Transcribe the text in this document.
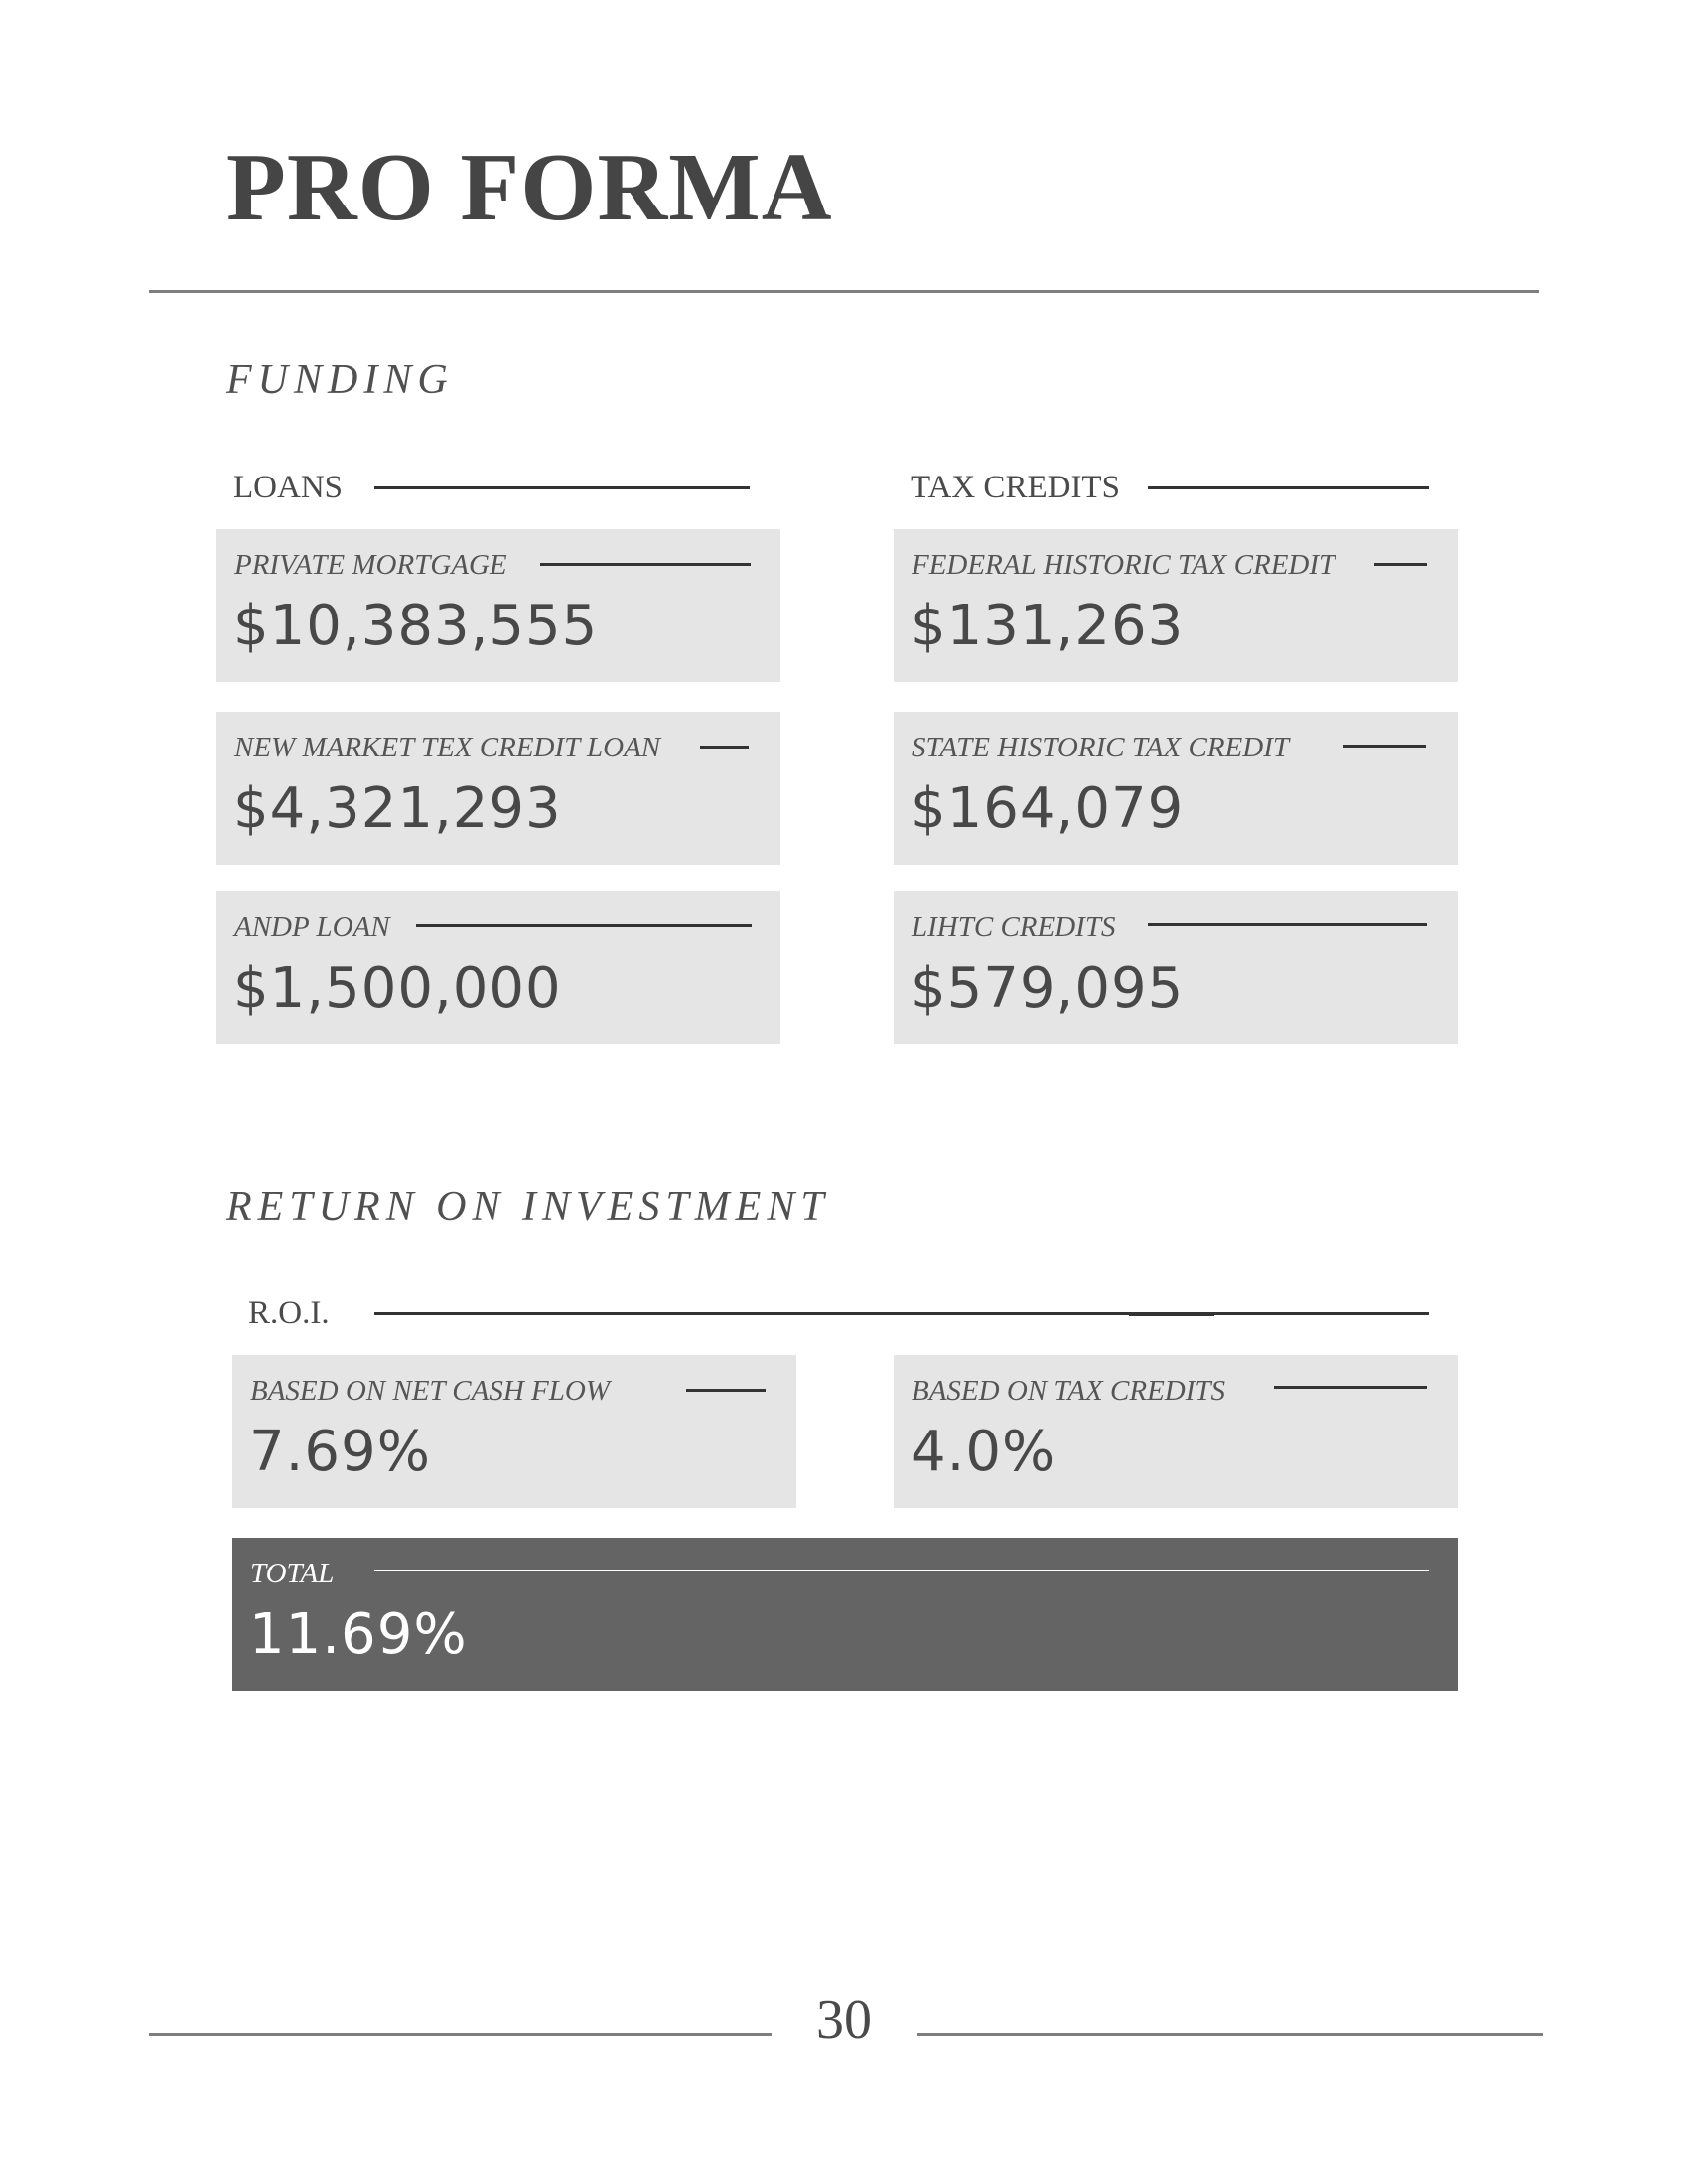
PRO FORMA
FUNDING
LOANS
PRIVATE MORTGAGE
$10,383,555
NEW MARKET TEX CREDIT LOAN
$4,321,293
ANDP LOAN
$1,500,000
TAX CREDITS
FEDERAL HISTORIC TAX CREDIT
$131,263
STATE HISTORIC TAX CREDIT
$164,079
LIHTC CREDITS
$579,095
RETURN ON INVESTMENT
R.O.I.
BASED ON NET CASH FLOW
7.69%
BASED ON TAX CREDITS
4.0%
TOTAL
11.69%
30
